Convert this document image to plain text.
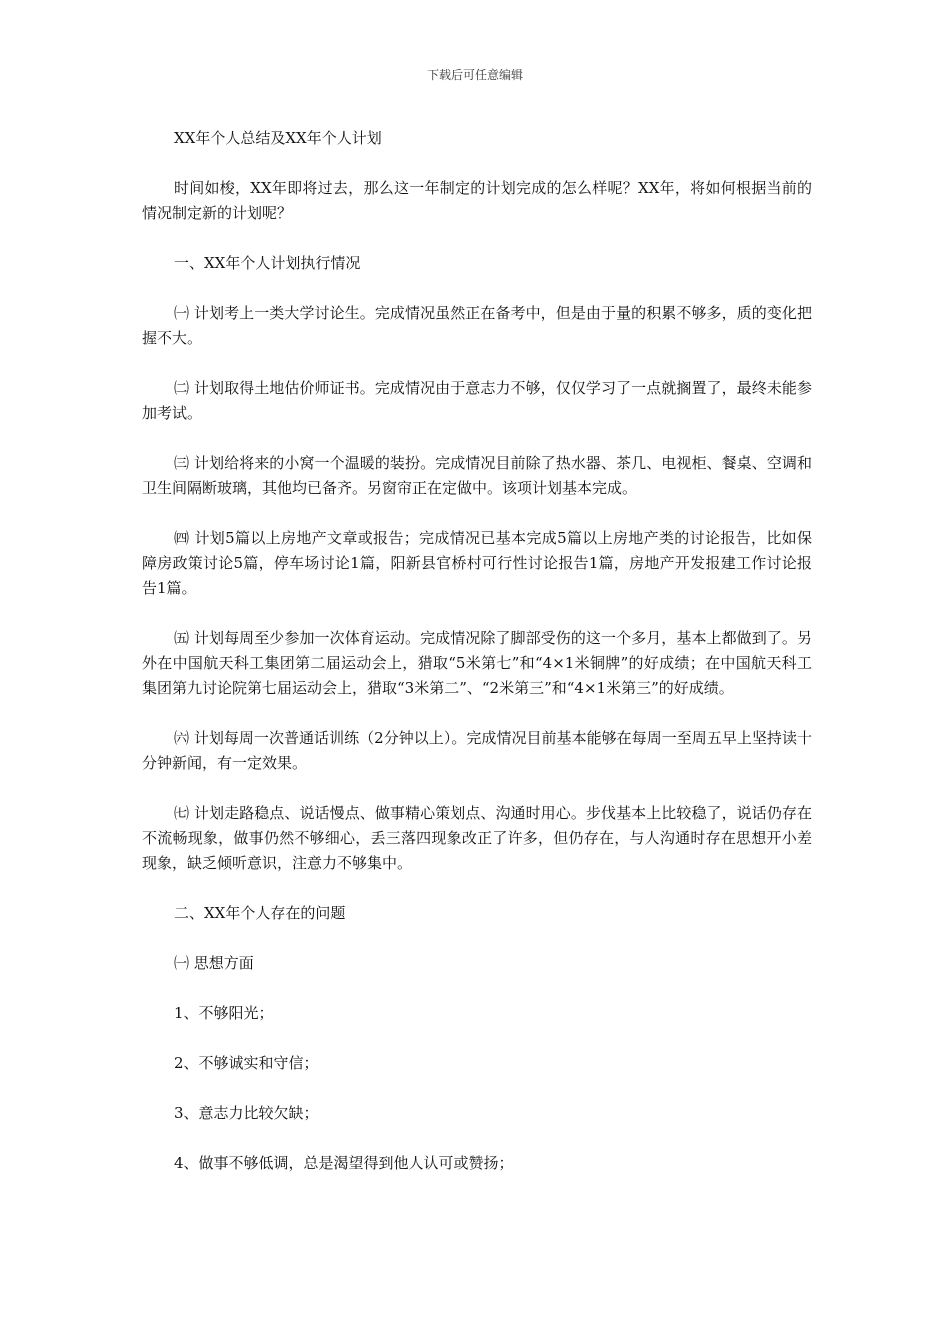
下载后可任意编辑

XX年个人总结及XX年个人计划

时间如梭，XX年即将过去，那么这一年制定的计划完成的怎么样呢？XX年，将如何根据当前的情况制定新的计划呢？

一、XX年个人计划执行情况

㈠ 计划考上一类大学讨论生。完成情况虽然正在备考中，但是由于量的积累不够多，质的变化把握不大。

㈡ 计划取得土地估价师证书。完成情况由于意志力不够，仅仅学习了一点就搁置了，最终未能参加考试。

㈢ 计划给将来的小窝一个温暖的装扮。完成情况目前除了热水器、茶几、电视柜、餐桌、空调和卫生间隔断玻璃，其他均已备齐。另窗帘正在定做中。该项计划基本完成。

㈣ 计划5篇以上房地产文章或报告；完成情况已基本完成5篇以上房地产类的讨论报告，比如保障房政策讨论5篇，停车场讨论1篇，阳新县官桥村可行性讨论报告1篇，房地产开发报建工作讨论报告1篇。

㈤ 计划每周至少参加一次体育运动。完成情况除了脚部受伤的这一个多月，基本上都做到了。另外在中国航天科工集团第二届运动会上，猎取“5米第七”和“4×1米铜牌”的好成绩；在中国航天科工集团第九讨论院第七届运动会上，猎取“3米第二”、“2米第三”和“4×1米第三”的好成绩。

㈥ 计划每周一次普通话训练（2分钟以上）。完成情况目前基本能够在每周一至周五早上坚持读十分钟新闻，有一定效果。

㈦ 计划走路稳点、说话慢点、做事精心策划点、沟通时用心。步伐基本上比较稳了，说话仍存在不流畅现象，做事仍然不够细心，丢三落四现象改正了许多，但仍存在，与人沟通时存在思想开小差现象，缺乏倾听意识，注意力不够集中。

二、XX年个人存在的问题

㈠ 思想方面

1、不够阳光；

2、不够诚实和守信；

3、意志力比较欠缺；

4、做事不够低调，总是渴望得到他人认可或赞扬；
